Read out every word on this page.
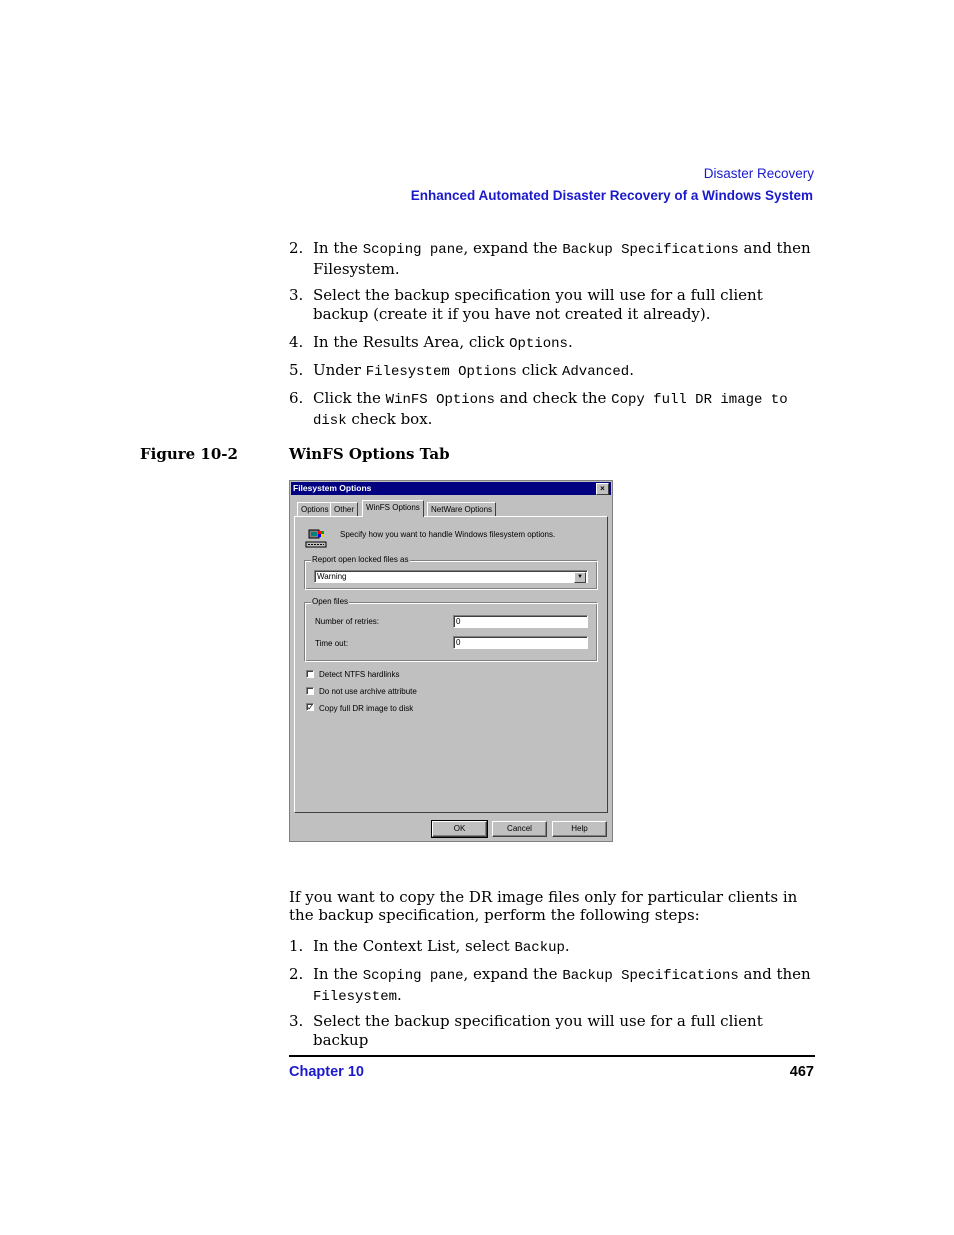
Disaster Recovery
Enhanced Automated Disaster Recovery of a Windows System
2. In the Scoping pane, expand the Backup Specifications and then Filesystem.
3. Select the backup specification you will use for a full client backup (create it if you have not created it already).
4. In the Results Area, click Options.
5. Under Filesystem Options click Advanced.
6. Click the WinFS Options and check the Copy full DR image to disk check box.
Figure 10-2	WinFS Options Tab
Filesystem Options	×
Options Other	WinFS Options	NetWare Options
Specify how you want to handle Windows filesystem options.
Report open locked files as
Warning	▼
Open files
Number of retries:	0
Time out:	0
Detect NTFS hardlinks
Do not use archive attribute
✓ Copy full DR image to disk
OK	Cancel	Help
If you want to copy the DR image files only for particular clients in the backup specification, perform the following steps:
1. In the Context List, select Backup.
2. In the Scoping pane, expand the Backup Specifications and then Filesystem.
3. Select the backup specification you will use for a full client backup
Chapter 10	467
